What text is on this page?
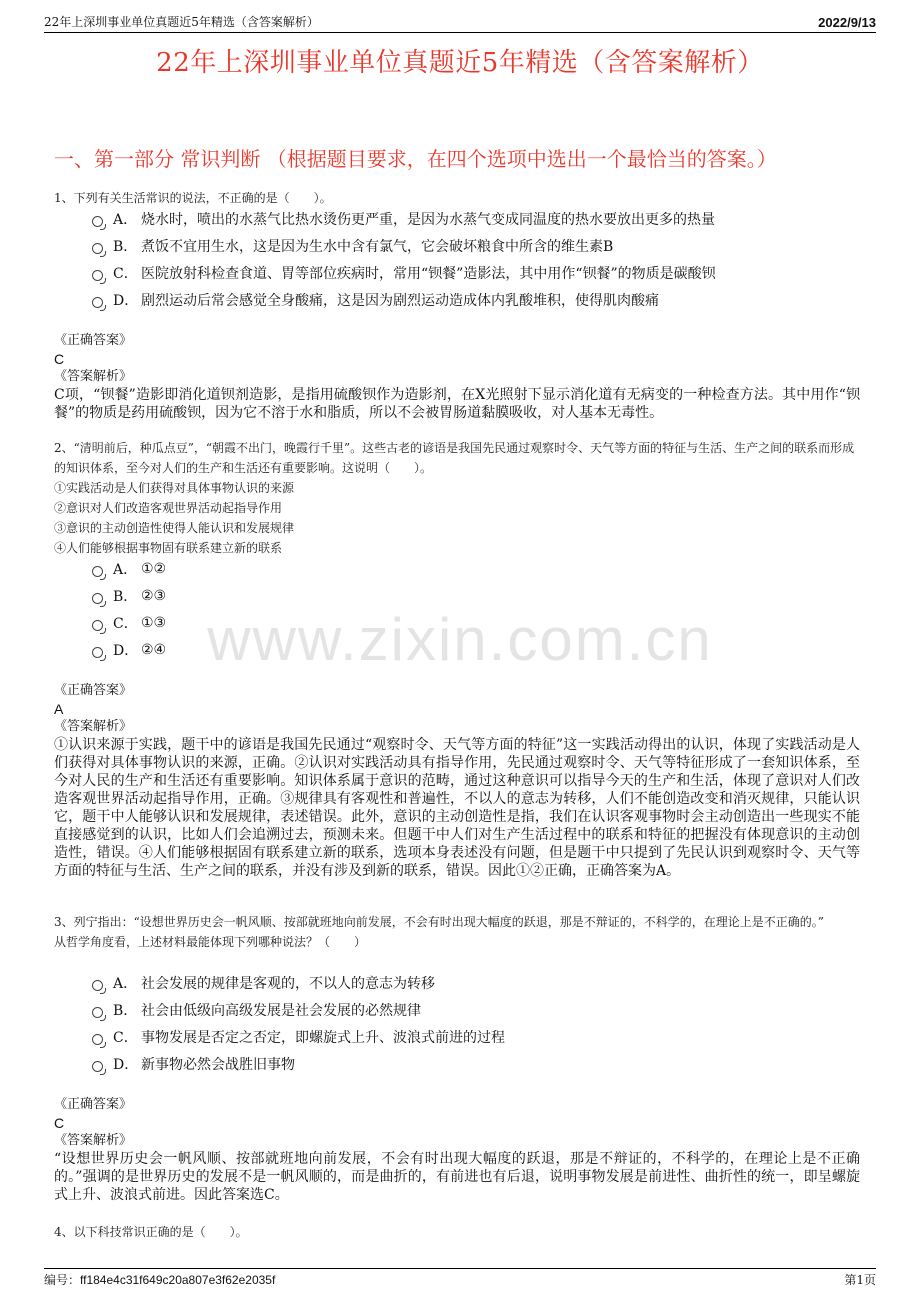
22年上深圳事业单位真题近5年精选（含答案解析）	2022/9/13
22年上深圳事业单位真题近5年精选（含答案解析）
一、第一部分 常识判断 （根据题目要求，在四个选项中选出一个最恰当的答案。）
www.zixin.com.cn
1、下列有关生活常识的说法，不正确的是（　　）。
A． 烧水时，喷出的水蒸气比热水烫伤更严重，是因为水蒸气变成同温度的热水要放出更多的热量
B． 煮饭不宜用生水，这是因为生水中含有氯气，它会破坏粮食中所含的维生素B
C． 医院放射科检查食道、胃等部位疾病时，常用“钡餐”造影法，其中用作“钡餐”的物质是碳酸钡
D． 剧烈运动后常会感觉全身酸痛，这是因为剧烈运动造成体内乳酸堆积，使得肌肉酸痛
《正确答案》
C
《答案解析》
C项，“钡餐”造影即消化道钡剂造影，是指用硫酸钡作为造影剂，在X光照射下显示消化道有无病变的一种检查方法。其中用作“钡餐”的物质是药用硫酸钡，因为它不溶于水和脂质，所以不会被胃肠道黏膜吸收，对人基本无毒性。
2、“清明前后，种瓜点豆”，“朝霞不出门，晚霞行千里”。这些古老的谚语是我国先民通过观察时令、天气等方面的特征与生活、生产之间的联系而形成的知识体系，至今对人们的生产和生活还有重要影响。这说明（　　）。
①实践活动是人们获得对具体事物认识的来源
②意识对人们改造客观世界活动起指导作用
③意识的主动创造性使得人能认识和发展规律
④人们能够根据事物固有联系建立新的联系
A． ①②
B． ②③
C． ①③
D． ②④
《正确答案》
A
《答案解析》
①认识来源于实践，题干中的谚语是我国先民通过“观察时令、天气等方面的特征”这一实践活动得出的认识，体现了实践活动是人们获得对具体事物认识的来源，正确。②认识对实践活动具有指导作用，先民通过观察时令、天气等特征形成了一套知识体系，至今对人民的生产和生活还有重要影响。知识体系属于意识的范畴，通过这种意识可以指导今天的生产和生活，体现了意识对人们改造客观世界活动起指导作用，正确。③规律具有客观性和普遍性，不以人的意志为转移，人们不能创造改变和消灭规律，只能认识它，题干中人能够认识和发展规律，表述错误。此外，意识的主动创造性是指，我们在认识客观事物时会主动创造出一些现实不能直接感觉到的认识，比如人们会追溯过去，预测未来。但题干中人们对生产生活过程中的联系和特征的把握没有体现意识的主动创造性，错误。④人们能够根据固有联系建立新的联系，选项本身表述没有问题，但是题干中只提到了先民认识到观察时令、天气等方面的特征与生活、生产之间的联系，并没有涉及到新的联系，错误。因此①②正确，正确答案为A。
3、列宁指出：“设想世界历史会一帆风顺、按部就班地向前发展，不会有时出现大幅度的跃退，那是不辩证的，不科学的，在理论上是不正确的。”
从哲学角度看，上述材料最能体现下列哪种说法？（　　）
A． 社会发展的规律是客观的，不以人的意志为转移
B． 社会由低级向高级发展是社会发展的必然规律
C． 事物发展是否定之否定，即螺旋式上升、波浪式前进的过程
D． 新事物必然会战胜旧事物
《正确答案》
C
《答案解析》
“设想世界历史会一帆风顺、按部就班地向前发展，不会有时出现大幅度的跃退，那是不辩证的，不科学的，在理论上是不正确的。”强调的是世界历史的发展不是一帆风顺的，而是曲折的，有前进也有后退，说明事物发展是前进性、曲折性的统一，即呈螺旋式上升、波浪式前进。因此答案选C。
4、以下科技常识正确的是（　　）。
编号：ff184e4c31f649c20a807e3f62e2035f	第1页
